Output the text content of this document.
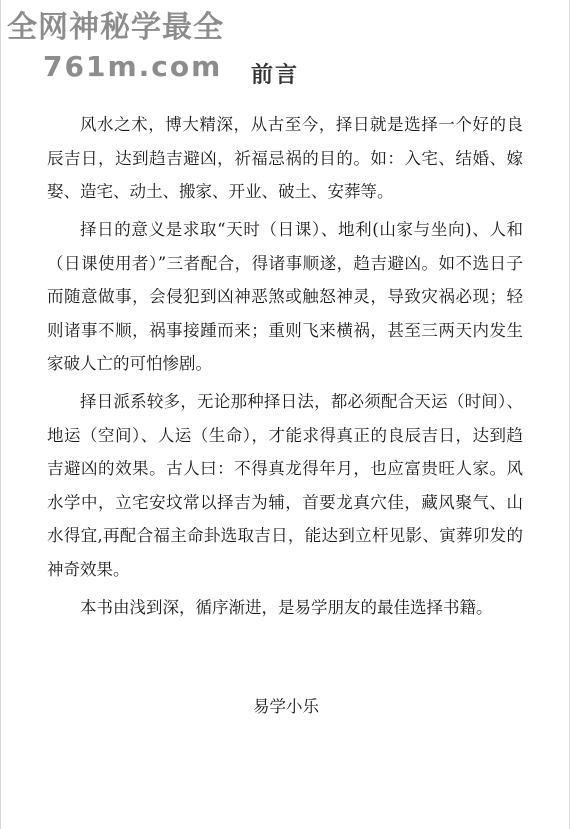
全网神秘学最全
761m.com 前言

风水之术，博大精深，从古至今，择日就是选择一个好的良辰吉日，达到趋吉避凶，祈福忌祸的目的。如：入宅、结婚、嫁娶、造宅、动土、搬家、开业、破土、安葬等。

择日的意义是求取“天时（日课）、地利(山家与坐向)、人和（日课使用者）”三者配合，得诸事顺遂，趋吉避凶。如不选日子而随意做事，会侵犯到凶神恶煞或触怒神灵，导致灾祸必现；轻则诸事不顺，祸事接踵而来；重则飞来横祸，甚至三两天内发生家破人亡的可怕惨剧。

择日派系较多，无论那种择日法，都必须配合天运（时间）、地运（空间）、人运（生命），才能求得真正的良辰吉日，达到趋吉避凶的效果。古人曰：不得真龙得年月，也应富贵旺人家。风水学中，立宅安坟常以择吉为辅，首要龙真穴佳，藏风聚气、山水得宜,再配合福主命卦选取吉日，能达到立杆见影、寅葬卯发的神奇效果。

本书由浅到深，循序渐进，是易学朋友的最佳选择书籍。

易学小乐
